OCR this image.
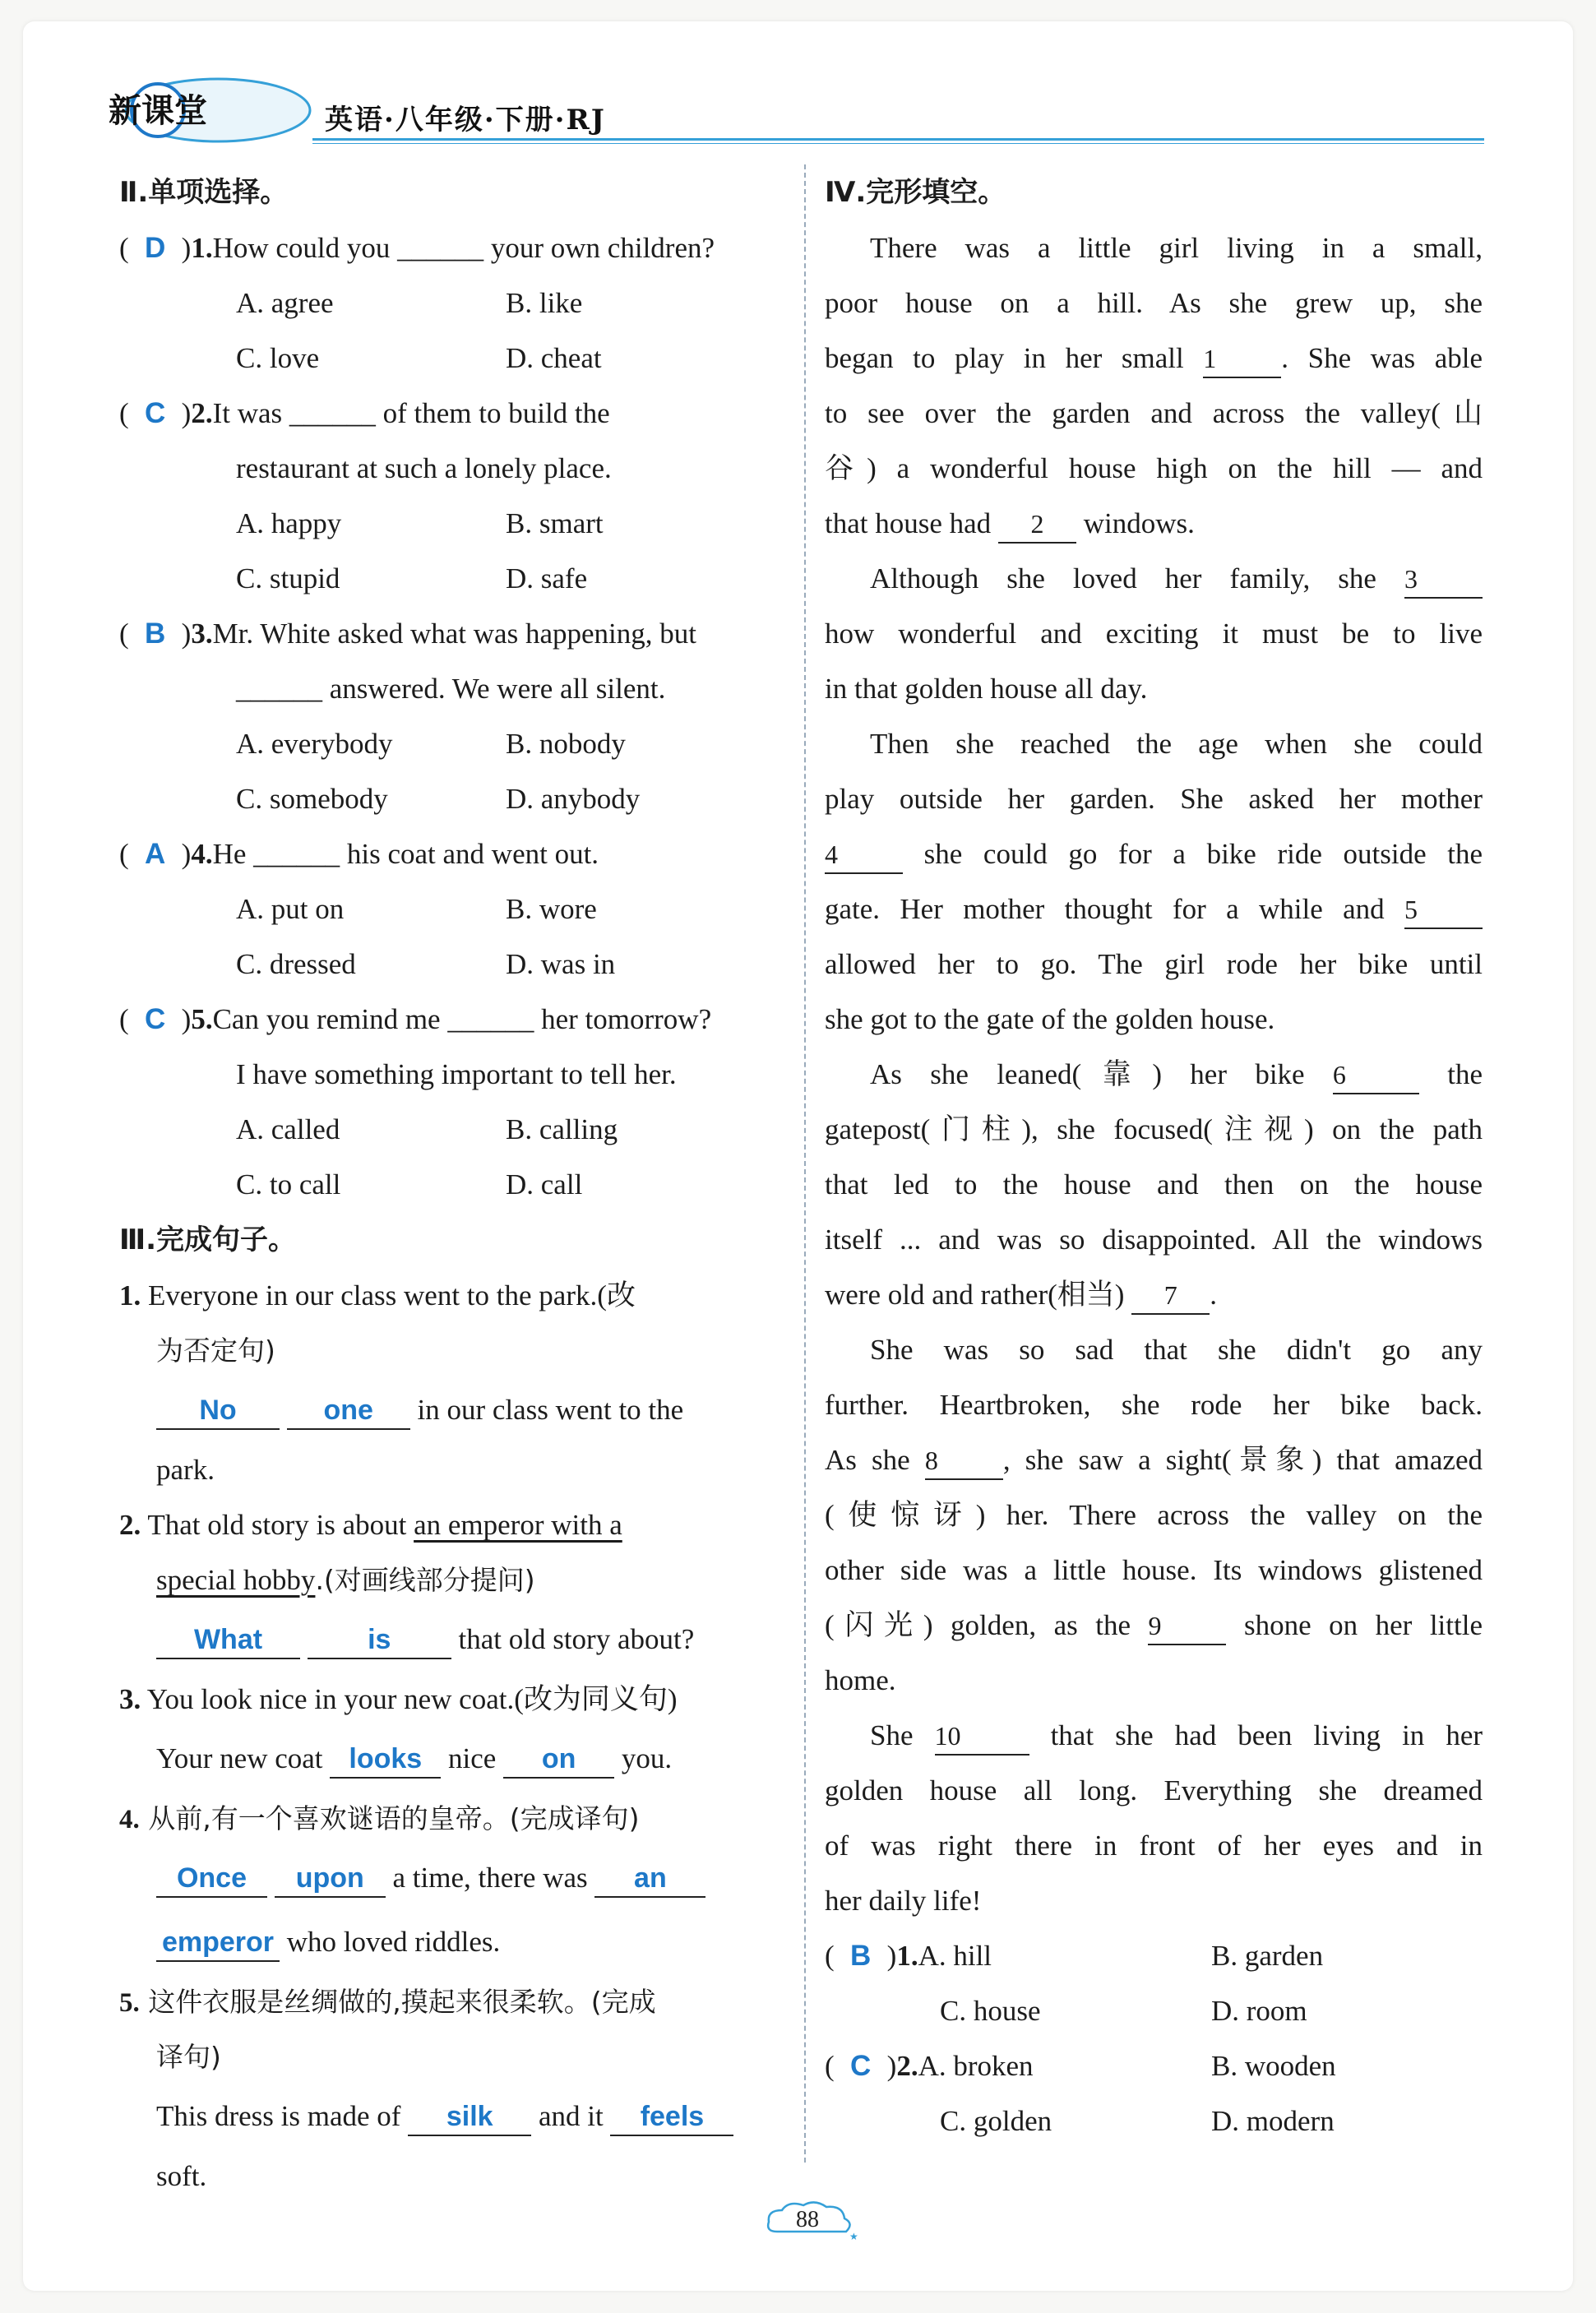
新课堂	英语·八年级·下册·RJ
Ⅱ.单项选择。
( D )1.How could you ______ your own children?
A. agree	B. like
C. love	D. cheat
( C )2.It was ______ of them to build the
restaurant at such a lonely place.
A. happy	B. smart
C. stupid	D. safe
( B )3.Mr. White asked what was happening, but
______ answered. We were all silent.
A. everybody	B. nobody
C. somebody	D. anybody
( A )4.He ______ his coat and went out.
A. put on	B. wore
C. dressed	D. was in
( C )5.Can you remind me ______ her tomorrow?
I have something important to tell her.
A. called	B. calling
C. to call	D. call
Ⅲ.完成句子。
1. Everyone in our class went to the park.(改
为否定句)
No	one in our class went to the
park.
2. That old story is about an emperor with a
special hobby.(对画线部分提问)
What	is that old story about?
3. You look nice in your new coat.(改为同义句)
Your new coat looks nice on you.
4. 从前,有一个喜欢谜语的皇帝。(完成译句)
Once upon a time, there was an
emperor who loved riddles.
5. 这件衣服是丝绸做的,摸起来很柔软。(完成
译句)
This dress is made of silk and it feels
soft.
Ⅳ.完形填空。
There was a little girl living in a small,
poor house on a hill. As she grew up, she
began to play in her small 1 . She was able
to see over the garden and across the valley(山
谷) a wonderful house high on the hill — and
that house had 2 windows.
Although she loved her family, she 3
how wonderful and exciting it must be to live
in that golden house all day.
Then she reached the age when she could
play outside her garden. She asked her mother
4	she could go for a bike ride outside the
gate. Her mother thought for a while and 5
allowed her to go. The girl rode her bike until
she got to the gate of the golden house.
As she leaned(靠) her bike 6	the
gatepost(门柱), she focused(注视) on the path
that led to the house and then on the house
itself ... and was so disappointed. All the windows
were old and rather(相当) 7 .
She was so sad that she didn't go any
further. Heartbroken, she rode her bike back.
As she 8 , she saw a sight(景象) that amazed
(使惊讶) her. There across the valley on the
other side was a little house. Its windows glistened
(闪光) golden, as the 9	shone on her little
home.
She 10	that she had been living in her
golden house all long. Everything she dreamed
of was right there in front of her eyes and in
her daily life!
( B )1.A. hill	B. garden
C. house	D. room
( C )2.A. broken	B. wooden
C. golden	D. modern
88
★
